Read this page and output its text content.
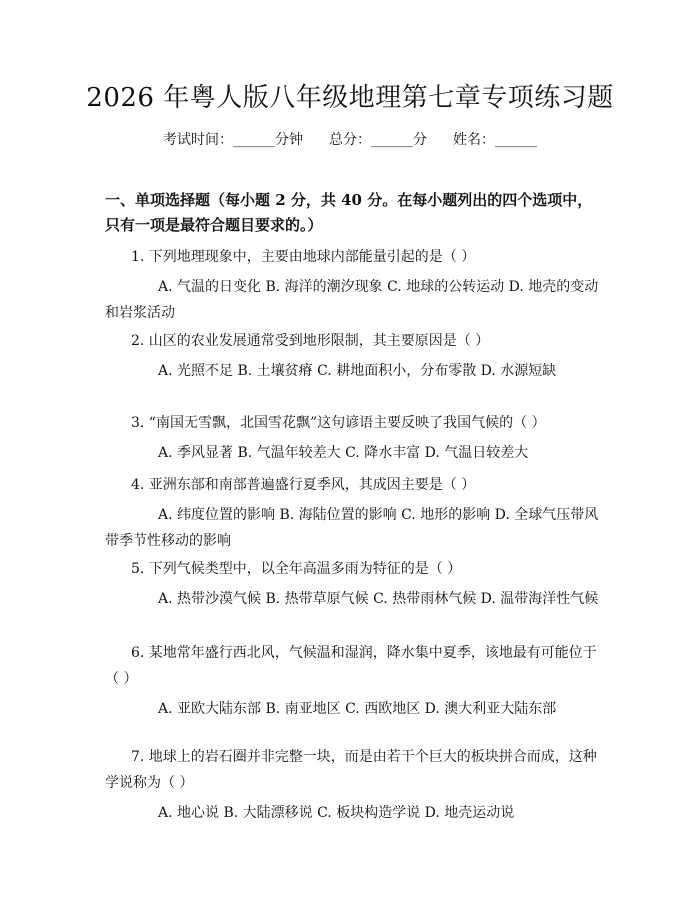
2026 年粤人版八年级地理第七章专项练习题
考试时间：______分钟 总分：______分 姓名：______
一、单项选择题（每小题 2 分，共 40 分。在每小题列出的四个选项中，只有一项是最符合题目要求的。）
1. 下列地理现象中，主要由地球内部能量引起的是（ ）
A. 气温的日变化 B. 海洋的潮汐现象 C. 地球的公转运动 D. 地壳的变动和岩浆活动
2. 山区的农业发展通常受到地形限制，其主要原因是（ ）
A. 光照不足 B. 土壤贫瘠 C. 耕地面积小，分布零散 D. 水源短缺
3. “南国无雪飘，北国雪花飘”这句谚语主要反映了我国气候的（ ）
A. 季风显著 B. 气温年较差大 C. 降水丰富 D. 气温日较差大
4. 亚洲东部和南部普遍盛行夏季风，其成因主要是（ ）
A. 纬度位置的影响 B. 海陆位置的影响 C. 地形的影响 D. 全球气压带风带季节性移动的影响
5. 下列气候类型中，以全年高温多雨为特征的是（ ）
A. 热带沙漠气候 B. 热带草原气候 C. 热带雨林气候 D. 温带海洋性气候
6. 某地常年盛行西北风，气候温和湿润，降水集中夏季，该地最有可能位于（ ）
A. 亚欧大陆东部 B. 南亚地区 C. 西欧地区 D. 澳大利亚大陆东部
7. 地球上的岩石圈并非完整一块，而是由若干个巨大的板块拼合而成，这种学说称为（ ）
A. 地心说 B. 大陆漂移说 C. 板块构造学说 D. 地壳运动说
